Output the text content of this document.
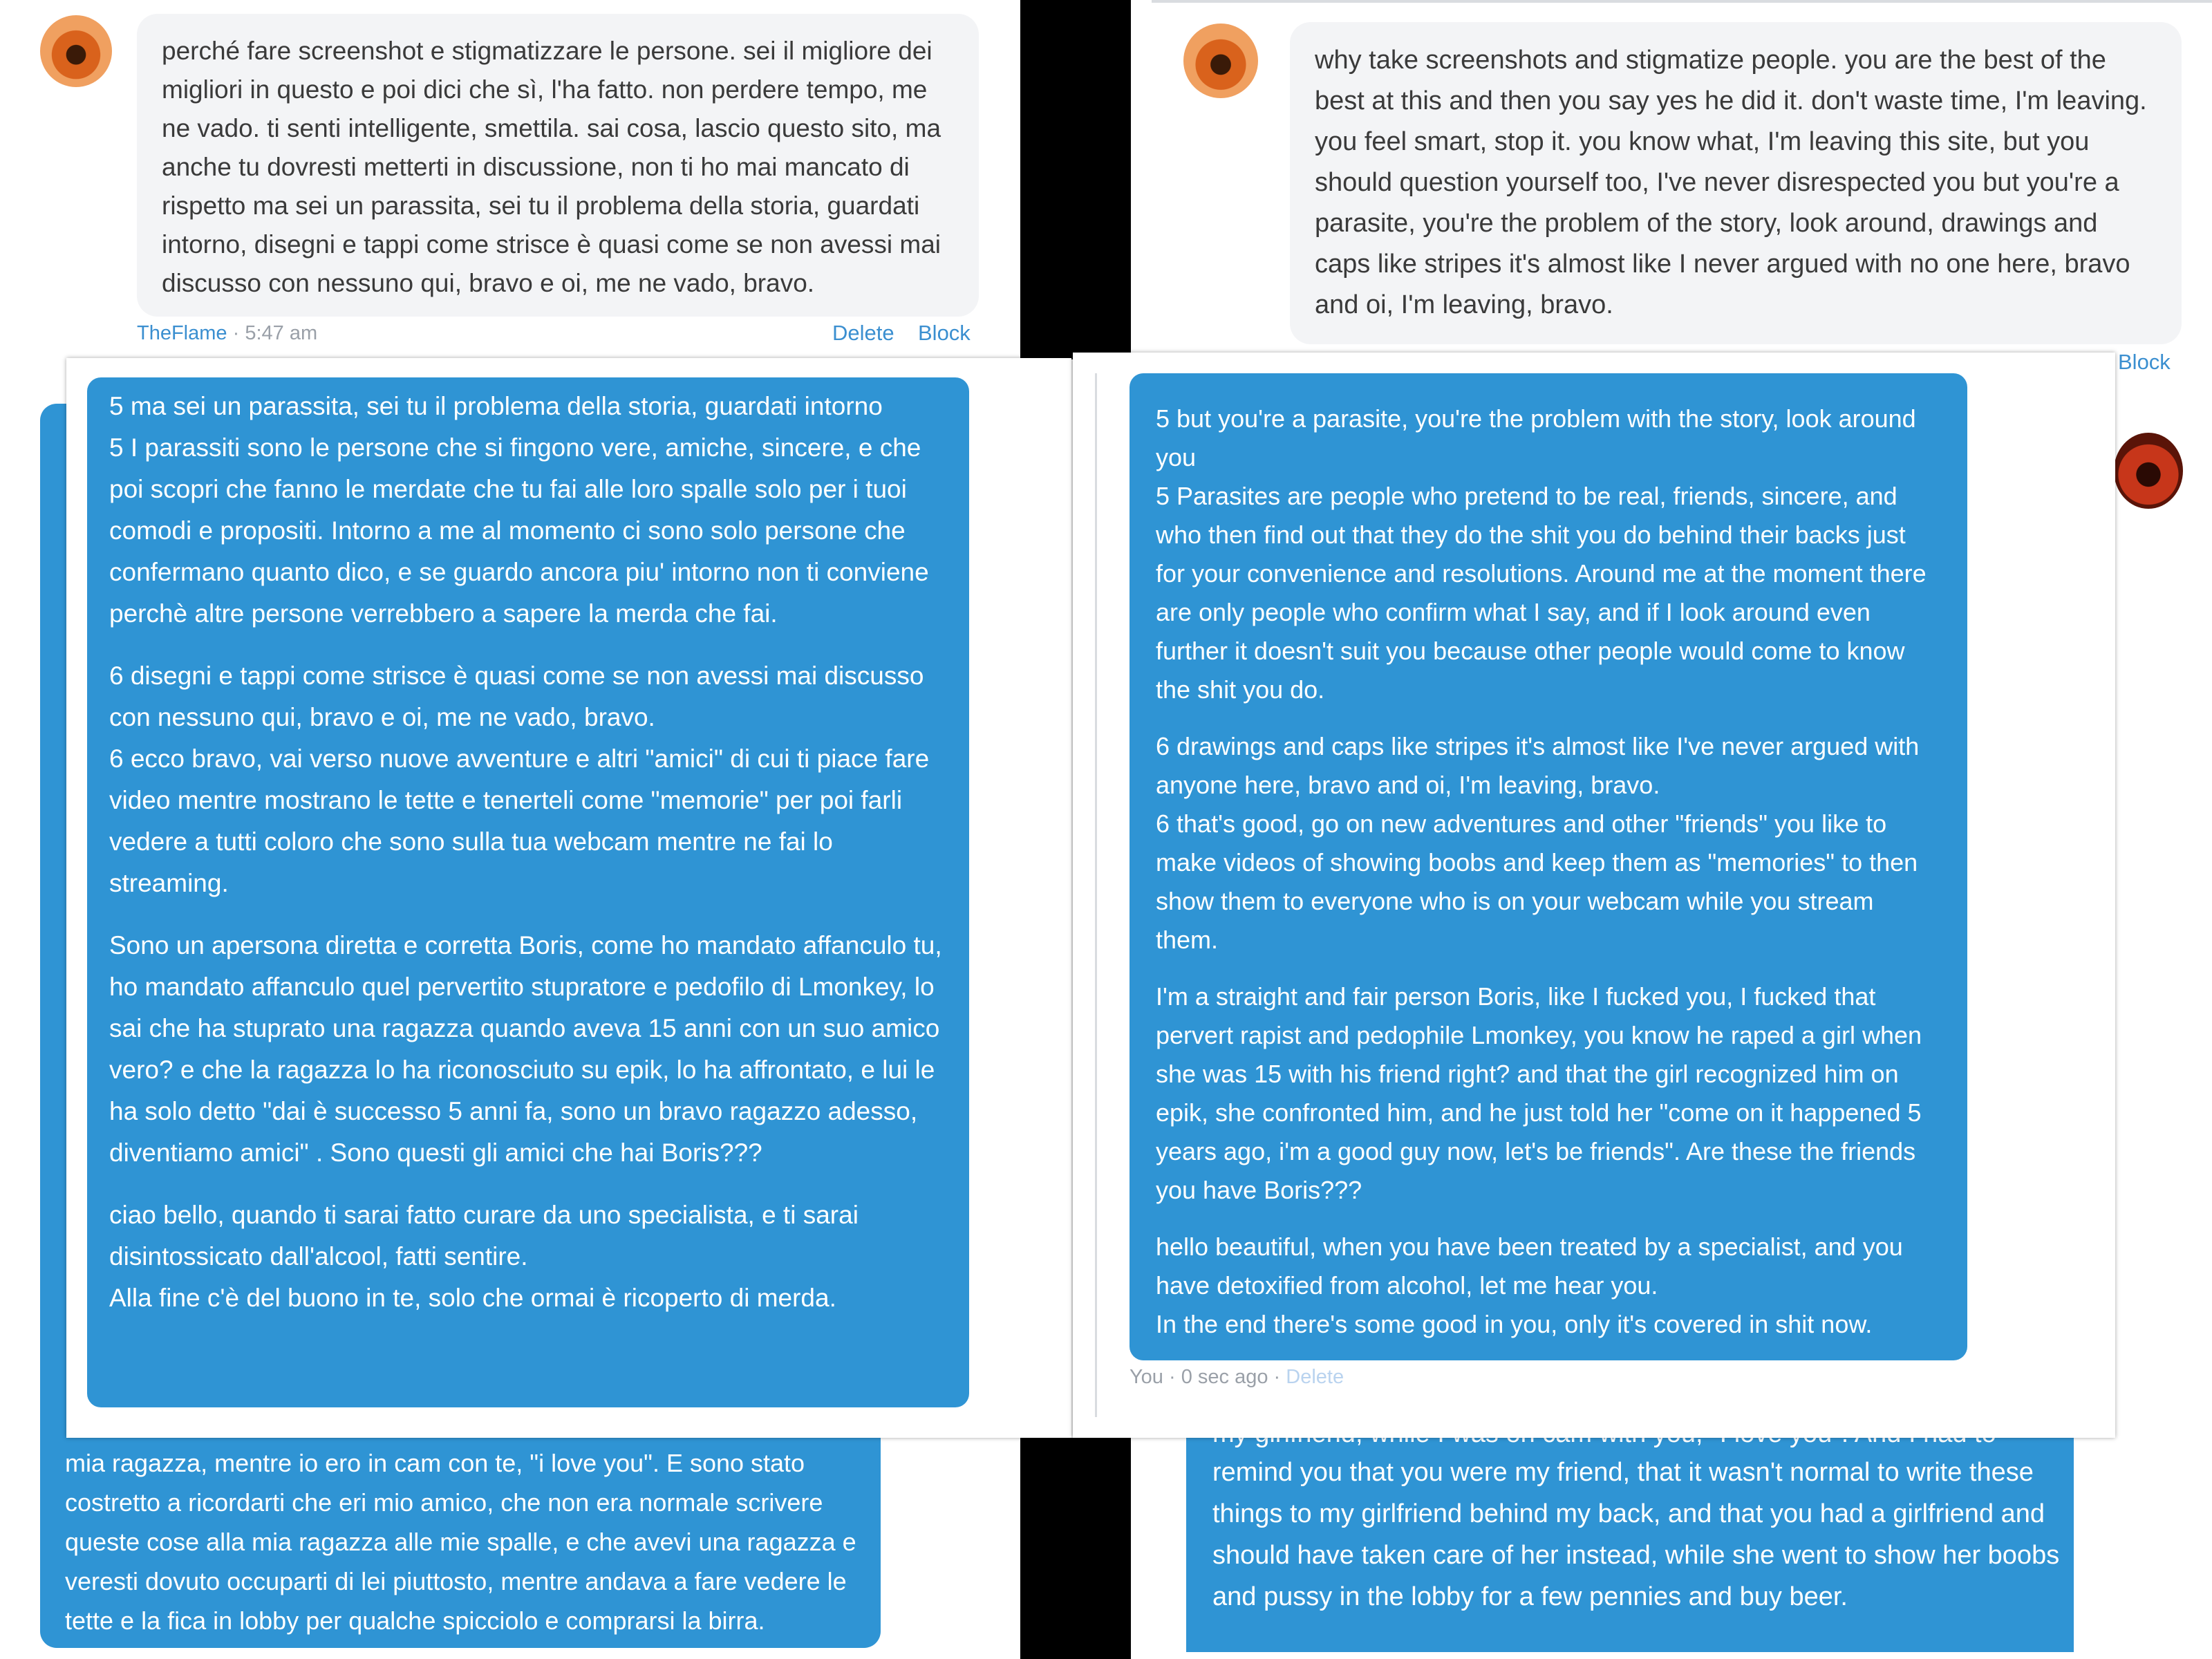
perché fare screenshot e stigmatizzare le persone. sei il migliore dei migliori in questo e poi dici che sì, l'ha fatto. non perdere tempo, me ne vado. ti senti intelligente, smettila. sai cosa, lascio questo sito, ma anche tu dovresti metterti in discussione, non ti ho mai mancato di rispetto ma sei un parassita, sei tu il problema della storia, guardati intorno, disegni e tappi come strisce è quasi come se non avessi mai discusso con nessuno qui, bravo e oi, me ne vado, bravo.

TheFlame · 5:47 am	Delete Block

mia ragazza, mentre io ero in cam con te, "i love you". E sono stato costretto a ricordarti che eri mio amico, che non era normale scrivere queste cose alla mia ragazza alle mie spalle, e che avevi una ragazza e veresti dovuto occuparti di lei piuttosto, mentre andava a fare vedere le tette e la fica in lobby per qualche spicciolo e comprarsi la birra.

5 ma sei un parassita, sei tu il problema della storia, guardati intorno
5 I parassiti sono le persone che si fingono vere, amiche, sincere, e che poi scopri che fanno le merdate che tu fai alle loro spalle solo per i tuoi comodi e propositi. Intorno a me al momento ci sono solo persone che confermano quanto dico, e se guardo ancora piu' intorno non ti conviene perchè altre persone verrebbero a sapere la merda che fai.

6 disegni e tappi come strisce è quasi come se non avessi mai discusso con nessuno qui, bravo e oi, me ne vado, bravo.
6 ecco bravo, vai verso nuove avventure e altri "amici" di cui ti piace fare video mentre mostrano le tette e tenerteli come "memorie" per poi farli vedere a tutti coloro che sono sulla tua webcam mentre ne fai lo streaming.

Sono un apersona diretta e corretta Boris, come ho mandato affanculo tu, ho mandato affanculo quel pervertito stupratore e pedofilo di Lmonkey, lo sai che ha stuprato una ragazza quando aveva 15 anni con un suo amico vero? e che la ragazza lo ha riconosciuto su epik, lo ha affrontato, e lui le ha solo detto "dai è successo 5 anni fa, sono un bravo ragazzo adesso, diventiamo amici" . Sono questi gli amici che hai Boris???

ciao bello, quando ti sarai fatto curare da uno specialista, e ti sarai disintossicato dall'alcool, fatti sentire.
Alla fine c'è del buono in te, solo che ormai è ricoperto di merda.

why take screenshots and stigmatize people. you are the best of the best at this and then you say yes he did it. don't waste time, I'm leaving. you feel smart, stop it. you know what, I'm leaving this site, but you should question yourself too, I've never disrespected you but you're a parasite, you're the problem of the story, look around, drawings and caps like stripes it's almost like I never argued with no one here, bravo and oi, I'm leaving, bravo.

Block

remind you that you were my friend, that it wasn't normal to write these things to my girlfriend behind my back, and that you had a girlfriend and should have taken care of her instead, while she went to show her boobs and pussy in the lobby for a few pennies and buy beer.

5 but you're a parasite, you're the problem with the story, look around you
5 Parasites are people who pretend to be real, friends, sincere, and who then find out that they do the shit you do behind their backs just for your convenience and resolutions. Around me at the moment there are only people who confirm what I say, and if I look around even further it doesn't suit you because other people would come to know the shit you do.

6 drawings and caps like stripes it's almost like I've never argued with anyone here, bravo and oi, I'm leaving, bravo.
6 that's good, go on new adventures and other "friends" you like to make videos of showing boobs and keep them as "memories" to then show them to everyone who is on your webcam while you stream them.

I'm a straight and fair person Boris, like I fucked you, I fucked that pervert rapist and pedophile Lmonkey, you know he raped a girl when she was 15 with his friend right? and that the girl recognized him on epik, she confronted him, and he just told her "come on it happened 5 years ago, i'm a good guy now, let's be friends". Are these the friends you have Boris???

hello beautiful, when you have been treated by a specialist, and you have detoxified from alcohol, let me hear you.
In the end there's some good in you, only it's covered in shit now.

You · 0 sec ago · Delete
